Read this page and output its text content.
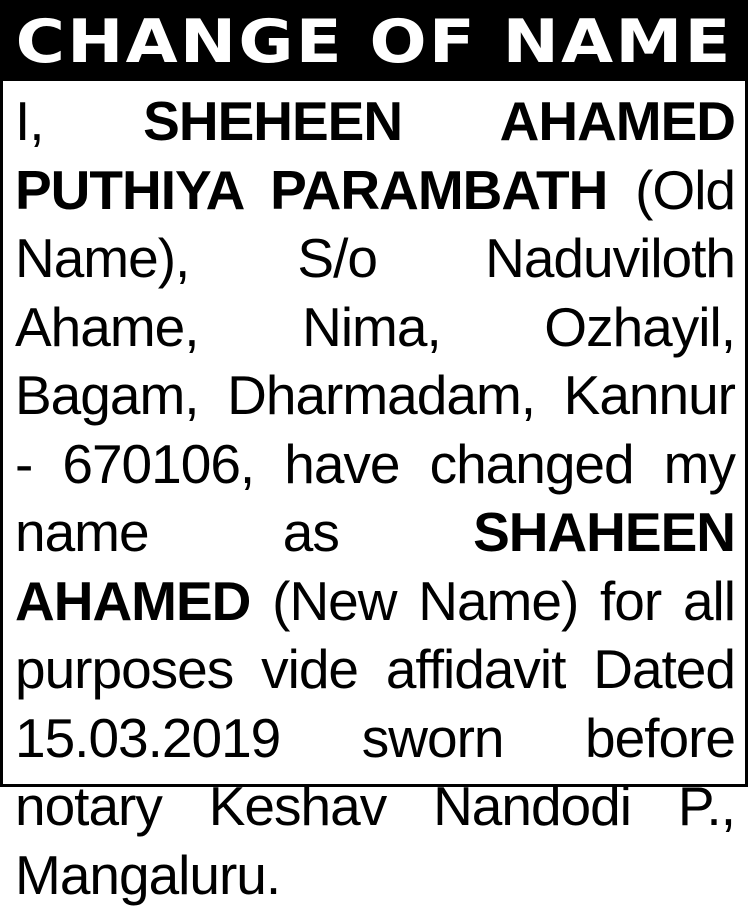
CHANGE OF NAME

I, SHEHEEN AHAMED PUTHIYA PARAMBATH (Old Name), S/o Naduviloth Ahame, Nima, Ozhayil, Bagam, Dharmadam, Kannur - 670106, have changed my name as SHAHEEN AHAMED (New Name) for all purposes vide affidavit Dated 15.03.2019 sworn before notary Keshav Nandodi P., Mangaluru.
